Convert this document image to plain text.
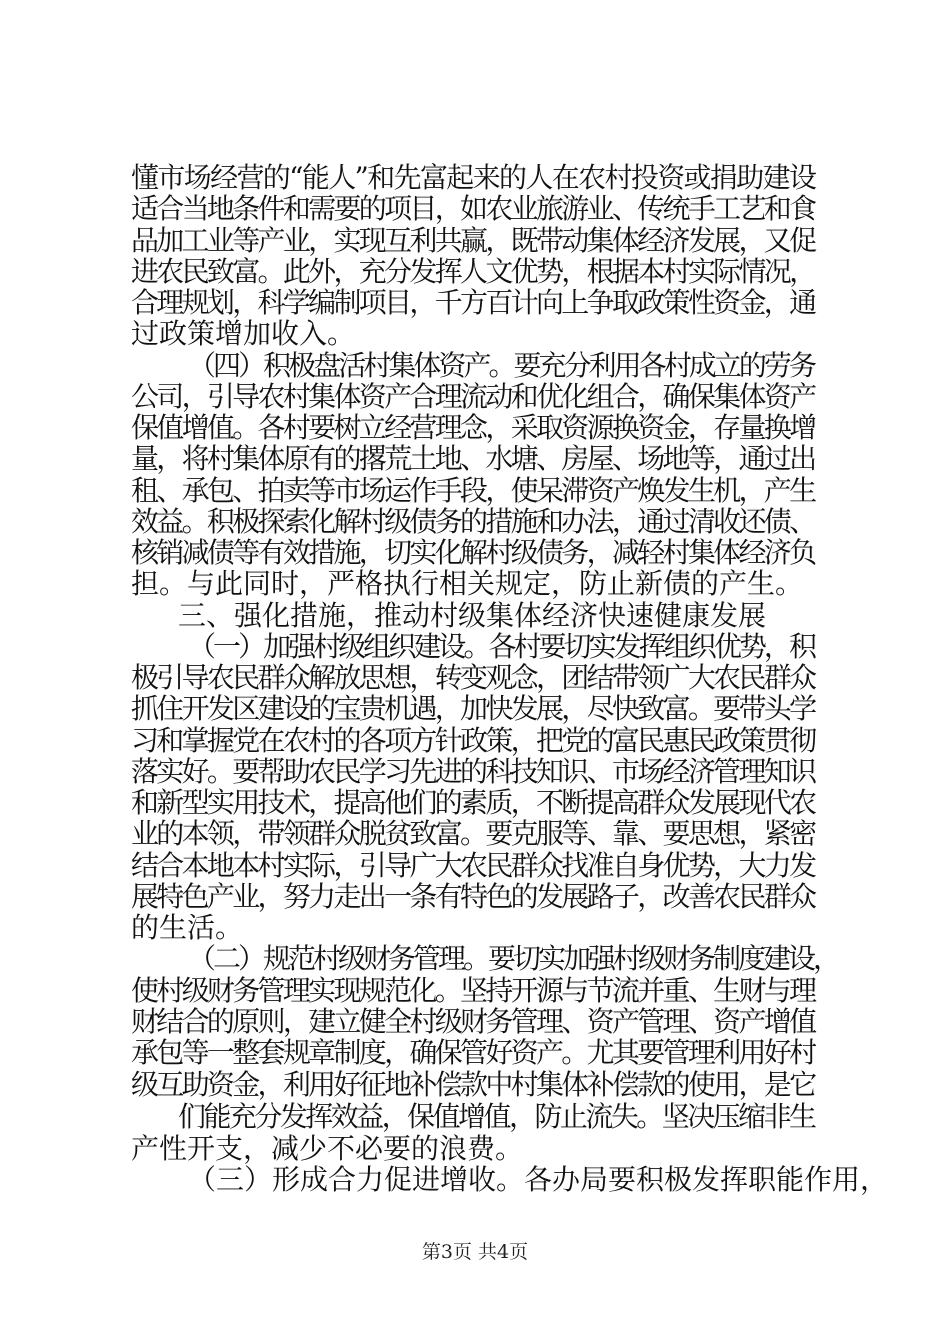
懂市场经营的“能人”和先富起来的人在农村投资或捐助建设
适合当地条件和需要的项目，如农业旅游业、传统手工艺和食
品加工业等产业，实现互利共赢，既带动集体经济发展，又促
进农民致富。此外，充分发挥人文优势，根据本村实际情况，
合理规划，科学编制项目，千方百计向上争取政策性资金，通
过政策增加收入。
（四）积极盘活村集体资产。要充分利用各村成立的劳务
公司，引导农村集体资产合理流动和优化组合，确保集体资产
保值增值。各村要树立经营理念，采取资源换资金，存量换增
量，将村集体原有的撂荒土地、水塘、房屋、场地等，通过出
租、承包、拍卖等市场运作手段，使呆滞资产焕发生机，产生
效益。积极探索化解村级债务的措施和办法，通过清收还债、
核销减债等有效措施，切实化解村级债务，减轻村集体经济负
担。与此同时，严格执行相关规定，防止新债的产生。
三、强化措施，推动村级集体经济快速健康发展
（一）加强村级组织建设。各村要切实发挥组织优势，积
极引导农民群众解放思想，转变观念，团结带领广大农民群众
抓住开发区建设的宝贵机遇，加快发展，尽快致富。要带头学
习和掌握党在农村的各项方针政策，把党的富民惠民政策贯彻
落实好。要帮助农民学习先进的科技知识、市场经济管理知识
和新型实用技术，提高他们的素质，不断提高群众发展现代农
业的本领，带领群众脱贫致富。要克服等、靠、要思想，紧密
结合本地本村实际，引导广大农民群众找准自身优势，大力发
展特色产业，努力走出一条有特色的发展路子，改善农民群众
的生活。
（二）规范村级财务管理。要切实加强村级财务制度建设，
使村级财务管理实现规范化。坚持开源与节流并重、生财与理
财结合的原则，建立健全村级财务管理、资产管理、资产增值
承包等一整套规章制度，确保管好资产。尤其要管理利用好村
级互助资金，利用好征地补偿款中村集体补偿款的使用，是它
们能充分发挥效益，保值增值，防止流失。坚决压缩非生
产性开支，减少不必要的浪费。
（三）形成合力促进增收。各办局要积极发挥职能作用，
第3页 共4页
